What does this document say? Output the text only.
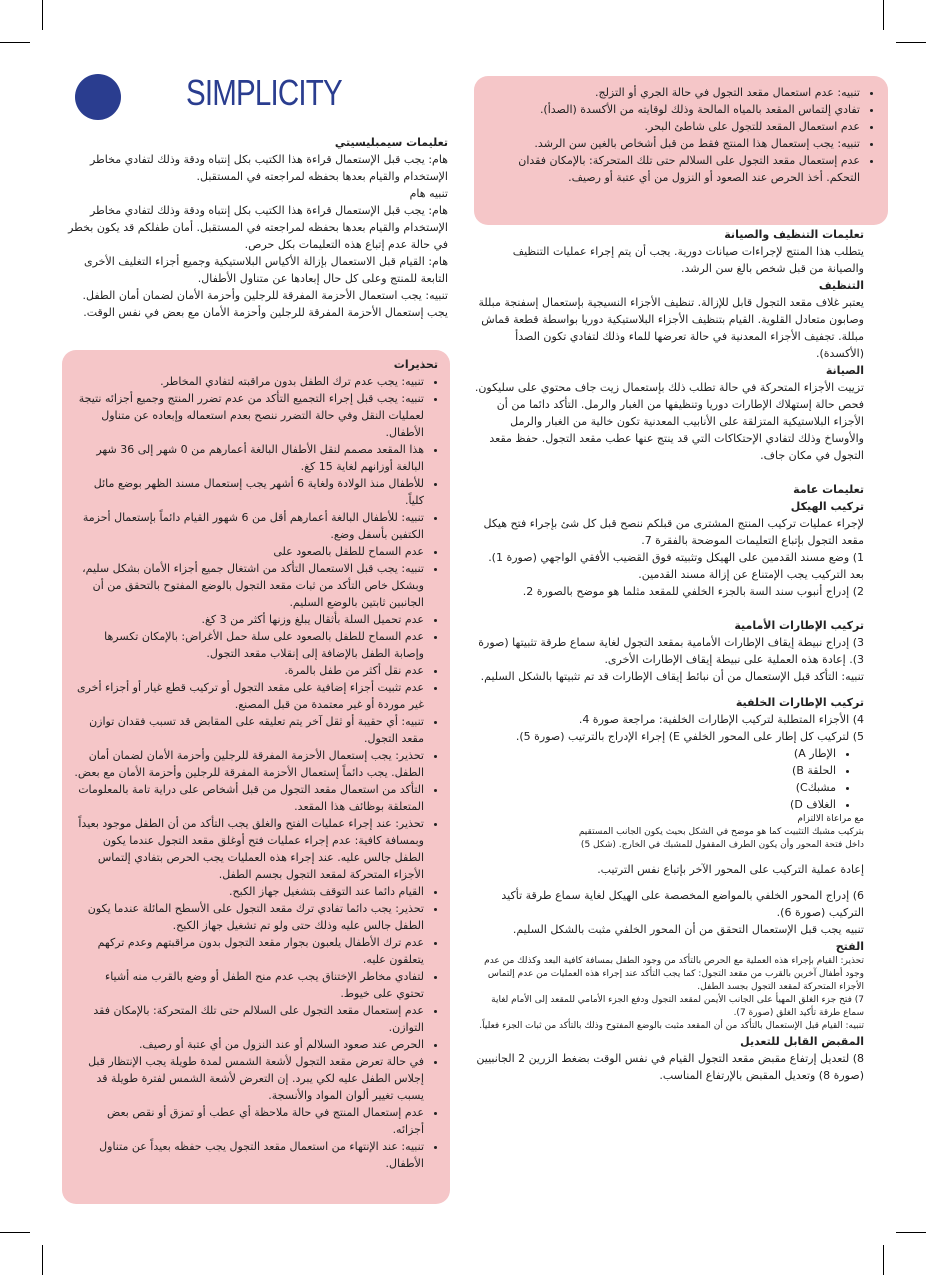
SIMPLICITY

تعليمات سيمبليسيتي

هام: يجب قبل الإستعمال قراءة هذا الكتيب بكل إنتباه ودقة وذلك لتفادي مخاطر الإستخدام والقيام بعدها بحفظه لمراجعته في المستقبل.

تنبيه هام

هام: يجب قبل الإستعمال قراءة هذا الكتيب بكل إنتباه ودقة وذلك لتفادي مخاطر الإستخدام والقيام بعدها بحفظه لمراجعته في المستقبل. أمان طفلكم قد يكون بخطر في حالة عدم إتباع هذه التعليمات بكل حرص.

هام: القيام قبل الاستعمال بإزالة الأكياس البلاستيكية وجميع أجزاء التغليف الأخرى التابعة للمنتج وعلى كل حال إبعادها عن متناول الأطفال.

تنبيه: يجب استعمال الأحزمة المفرقة للرجلين وأحزمة الأمان لضمان أمان الطفل. يجب إستعمال الأحزمة المفرقة للرجلين وأحزمة الأمان مع بعض في نفس الوقت.

تحذيرات

• تنبيه: يجب عدم ترك الطفل بدون مراقبته لتفادي المخاطر.
• تنبيه: يجب قبل إجراء التجميع التأكد من عدم تضرر المنتج وجميع أجزائه نتيجة لعمليات النقل وفي حالة التضرر ننصح بعدم استعماله وإبعاده عن متناول الأطفال.
• هذا المقعد مصمم لنقل الأطفال البالغة أعمارهم من 0 شهر إلى 36 شهر البالغة أوزانهم لغاية 15 كغ.
• للأطفال منذ الولادة ولغاية 6 أشهر يجب إستعمال مسند الظهر بوضع مائل كلياً.
• تنبيه: للأطفال البالغة أعمارهم أقل من 6 شهور القيام دائماً بإستعمال أحزمة الكتفين بأسفل وضع.
• عدم السماح للطفل بالصعود على
• تنبيه: يجب قبل الاستعمال التأكد من اشتغال جميع أجزاء الأمان بشكل سليم، وبشكل خاص التأكد من ثبات مقعد التجول بالوضع المفتوح بالتحقق من أن الجانبين ثابتين بالوضع السليم.
• عدم تحميل السلة بأثقال يبلغ وزنها أكثر من 3 كغ.
• عدم السماح للطفل بالصعود على سلة حمل الأغراض: بالإمكان تكسرها وإصابة الطفل بالإضافة إلى إنقلاب مقعد التجول.
• عدم نقل أكثر من طفل بالمرة.
• عدم تثبيت أجزاء إضافية على مقعد التجول أو تركيب قطع غيار أو أجزاء أخرى غير موردة أو غير معتمدة من قبل المصنع.
• تنبيه: أي حقيبة أو ثقل آخر يتم تعليقه على المقابض قد تسبب فقدان توازن مقعد التجول.
• تحذير: يجب إستعمال الأحزمة المفرقة للرجلين وأحزمة الأمان لضمان أمان الطفل. يجب دائماً إستعمال الأحزمة المفرقة للرجلين وأحزمة الأمان مع بعض.
• التأكد من استعمال مقعد التجول من قبل أشخاص على دراية تامة بالمعلومات المتعلقة بوظائف هذا المقعد.
• تحذير: عند إجراء عمليات الفتح والغلق يجب التأكد من أن الطفل موجود بعيداً وبمسافة كافية: عدم إجراء عمليات فتح أوغلق مقعد التجول عندما يكون الطفل جالس عليه. عند إجراء هذه العمليات يجب الحرص بتفادي إلتماس الأجزاء المتحركة لمقعد التجول بجسم الطفل.
• القيام دائما عند التوقف بتشغيل جهاز الكبح.
• تحذير: يجب دائما تفادي ترك مقعد التجول على الأسطح المائلة عندما يكون الطفل جالس عليه وذلك حتى ولو تم تشغيل جهاز الكبح.
• عدم ترك الأطفال يلعبون بجوار مقعد التجول بدون مراقبتهم وعدم تركهم يتعلقون عليه.
• لتفادي مخاطر الإختناق يجب عدم منح الطفل أو وضع بالقرب منه أشياء تحتوي على خيوط.
• عدم إستعمال مقعد التجول على السلالم حتى تلك المتحركة: بالإمكان فقد التوازن.
• الحرص عند صعود السلالم أو عند النزول من أي عتبة أو رصيف.
• في حالة تعرض مقعد التجول لأشعة الشمس لمدة طويلة يجب الإنتظار قبل إجلاس الطفل عليه لكي يبرد. إن التعرض لأشعة الشمس لفترة طويلة قد يسبب تغيير ألوان المواد والأنسجة.
• عدم إستعمال المنتج في حالة ملاحظة أي عطب أو تمزق أو نقص بعض أجزائه.
• تنبيه: عند الإنتهاء من استعمال مقعد التجول يجب حفظه بعيداً عن متناول الأطفال.
• تنبيه: عدم استعمال مقعد التجول في حالة الجري أو التزلج.
• تفادي إلتماس المقعد بالمياه المالحة وذلك لوقايته من الأكسدة (الصدأ).
• عدم استعمال المقعد للتجول على شاطئ البحر.
• تنبيه: يجب إستعمال هذا المنتج فقط من قبل أشخاص بالغين سن الرشد.
• عدم إستعمال مقعد التجول على السلالم حتى تلك المتحركة: بالإمكان فقدان التحكم. أخذ الحرص عند الصعود أو النزول من أي عتبة أو رصيف.

تعليمات التنظيف والصيانة

يتطلب هذا المنتج لإجراءات صيانات دورية. يجب أن يتم إجراء عمليات التنظيف والصيانة من قبل شخص بالغ سن الرشد.

التنظيف

يعتبر غلاف مقعد التجول قابل للإزالة. تنظيف الأجزاء النسيجية بإستعمال إسفنجة مبللة وصابون متعادل القلوية. القيام بتنظيف الأجزاء البلاستيكية دوريا بواسطة قطعة قماش مبللة. تجفيف الأجزاء المعدنية في حالة تعرضها للماء وذلك لتفادي تكون الصدأ (الأكسدة).

الصيانة

تزييت الأجزاء المتحركة في حالة تطلب ذلك بإستعمال زيت جاف محتوي على سليكون. فحص حالة إستهلاك الإطارات دوريا وتنظيفها من الغبار والرمل. التأكد دائما من أن الأجزاء البلاستيكية المتزلقة على الأنابيب المعدنية تكون خالية من الغبار والرمل والأوساخ وذلك لتفادي الإحتكاكات التي قد ينتج عنها عطب مقعد التجول. حفظ مقعد التجول في مكان جاف.

تعليمات عامة

تركيب الهيكل

لإجراء عمليات تركيب المنتج المشترى من قبلكم ننصح قبل كل شئ بإجراء فتح هيكل مقعد التجول بإتباع التعليمات الموضحة بالفقرة 7.

1) وضع مسند القدمين على الهيكل وتثبيته فوق القضيب الأفقي الواجهي (صورة 1). بعد التركيب يجب الإمتناع عن إزالة مسند القدمين.

2) إدراج أنبوب سند السة بالجزء الخلفي للمقعد مثلما هو موضح بالصورة 2.

تركيب الإطارات الأمامية

3) إدراج نبيطة إيقاف الإطارات الأمامية بمقعد التجول لغاية سماع طرقة تثبيتها (صورة 3). إعادة هذه العملية على نبيطة إيقاف الإطارات الأخرى.

تنبيه: التأكد قبل الإستعمال من أن نبائط إيقاف الإطارات قد تم تثبيتها بالشكل السليم.

تركيب الإطارات الخلفية

4) الأجزاء المتطلبة لتركيب الإطارات الخلفية: مراجعة صورة 4.

5) لتركيب كل إطار على المحور الخلفي E) إجراء الإدراج بالترتيب (صورة 5).

• الإطار A)
• الحلقة B)
• مشبكC)
• الغلاف D)

مع مراعاة الالتزام

بتركيب مشبك التثبيت كما هو موضح في الشكل بحيث يكون الجانب المستقيم

داخل فتحة المحور وأن يكون الطرف المقفول للمشبك في الخارج. (شكل 5)

إعادة عملية التركيب على المحور الآخر بإتباع نفس الترتيب.

6) إدراج المحور الخلفي بالمواضع المخصصة على الهيكل لغاية سماع طرقة تأكيد التركيب (صورة 6).

تنبيه يجب قبل الإستعمال التحقق من أن المحور الخلفي مثبت بالشكل السليم.

الفتح

تحذير: القيام بإجراء هذه العملية مع الحرص بالتأكد من وجود الطفل بمسافة كافية البعد وكذلك من عدم وجود أطفال آخرين بالقرب من مقعد التجول: كما يجب التأكد عند إجراء هذه العمليات من عدم إلتماس الأجزاء المتحركة لمقعد التجول بجسد الطفل.

7) فتح جزء الغلق المهيأ على الجانب الأيمن لمقعد التجول ودفع الجزء الأمامي للمقعد إلى الأمام لغاية سماع طرقة تأكيد الغلق (صورة 7).

تنبيه: القيام قبل الإستعمال بالتأكد من أن المقعد مثبت بالوضع المفتوح وذلك بالتأكد من ثبات الجزء فعلياً.

المقبض القابل للتعديل

8) لتعديل إرتفاع مقبض مقعد التجول القيام في نفس الوقت بضغط الزرين 2 الجانبيين (صورة 8) وتعديل المقبض بالإرتفاع المناسب.
